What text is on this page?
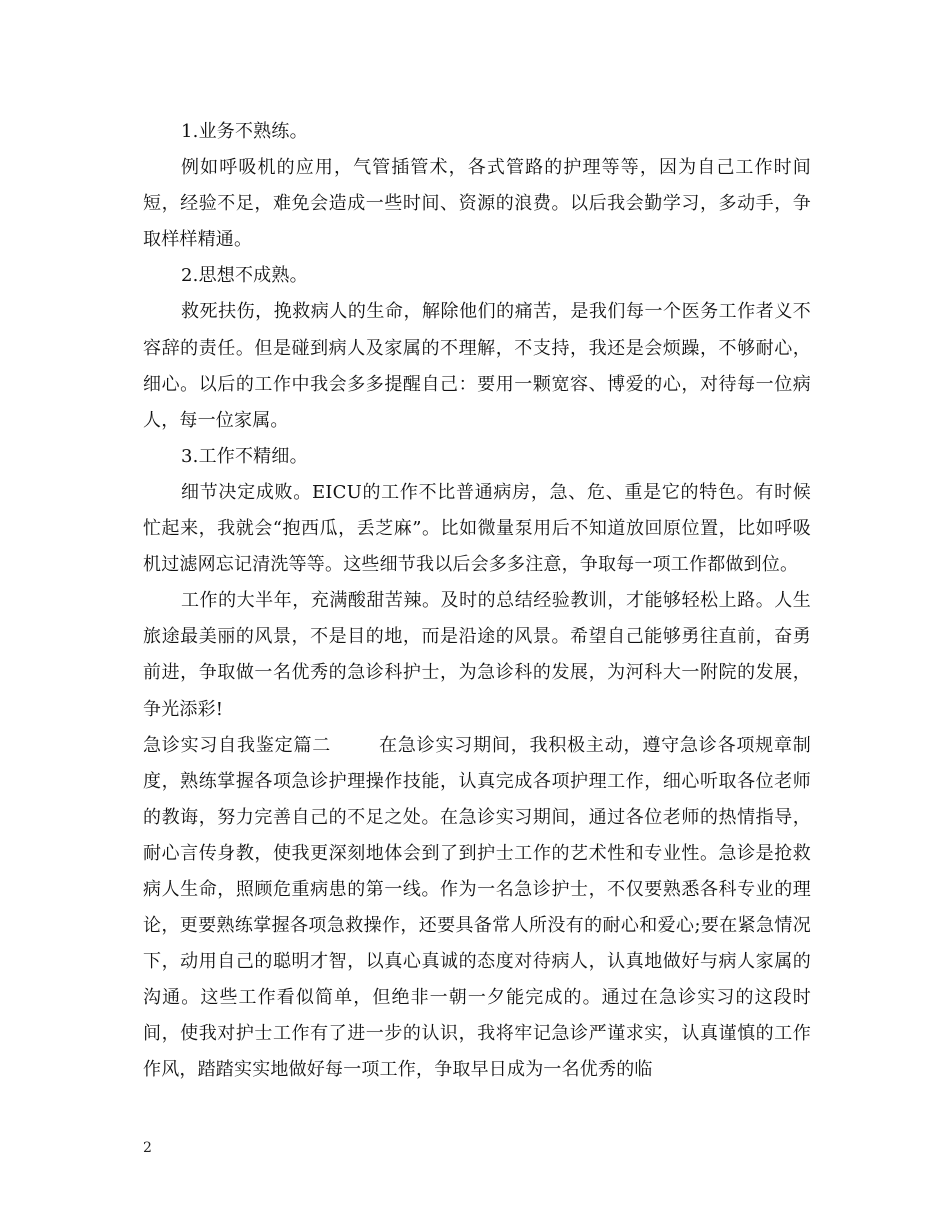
1.业务不熟练。

例如呼吸机的应用，气管插管术，各式管路的护理等等，因为自己工作时间短，经验不足，难免会造成一些时间、资源的浪费。以后我会勤学习，多动手，争取样样精通。

2.思想不成熟。

救死扶伤，挽救病人的生命，解除他们的痛苦，是我们每一个医务工作者义不容辞的责任。但是碰到病人及家属的不理解，不支持，我还是会烦躁，不够耐心，细心。以后的工作中我会多多提醒自己：要用一颗宽容、博爱的心，对待每一位病人，每一位家属。

3.工作不精细。

细节决定成败。EICU的工作不比普通病房，急、危、重是它的特色。有时候忙起来，我就会“抱西瓜，丢芝麻”。比如微量泵用后不知道放回原位置，比如呼吸机过滤网忘记清洗等等。这些细节我以后会多多注意，争取每一项工作都做到位。

工作的大半年，充满酸甜苦辣。及时的总结经验教训，才能够轻松上路。人生旅途最美丽的风景，不是目的地，而是沿途的风景。希望自己能够勇往直前，奋勇前进，争取做一名优秀的急诊科护士，为急诊科的发展，为河科大一附院的发展，争光添彩!

急诊实习自我鉴定篇二	在急诊实习期间，我积极主动，遵守急诊各项规章制度，熟练掌握各项急诊护理操作技能，认真完成各项护理工作，细心听取各位老师的教诲，努力完善自己的不足之处。在急诊实习期间，通过各位老师的热情指导，耐心言传身教，使我更深刻地体会到了到护士工作的艺术性和专业性。急诊是抢救病人生命，照顾危重病患的第一线。作为一名急诊护士，不仅要熟悉各科专业的理论，更要熟练掌握各项急救操作，还要具备常人所没有的耐心和爱心;要在紧急情况下，动用自己的聪明才智，以真心真诚的态度对待病人，认真地做好与病人家属的沟通。这些工作看似简单，但绝非一朝一夕能完成的。通过在急诊实习的这段时间，使我对护士工作有了进一步的认识，我将牢记急诊严谨求实，认真谨慎的工作作风，踏踏实实地做好每一项工作，争取早日成为一名优秀的临

2
